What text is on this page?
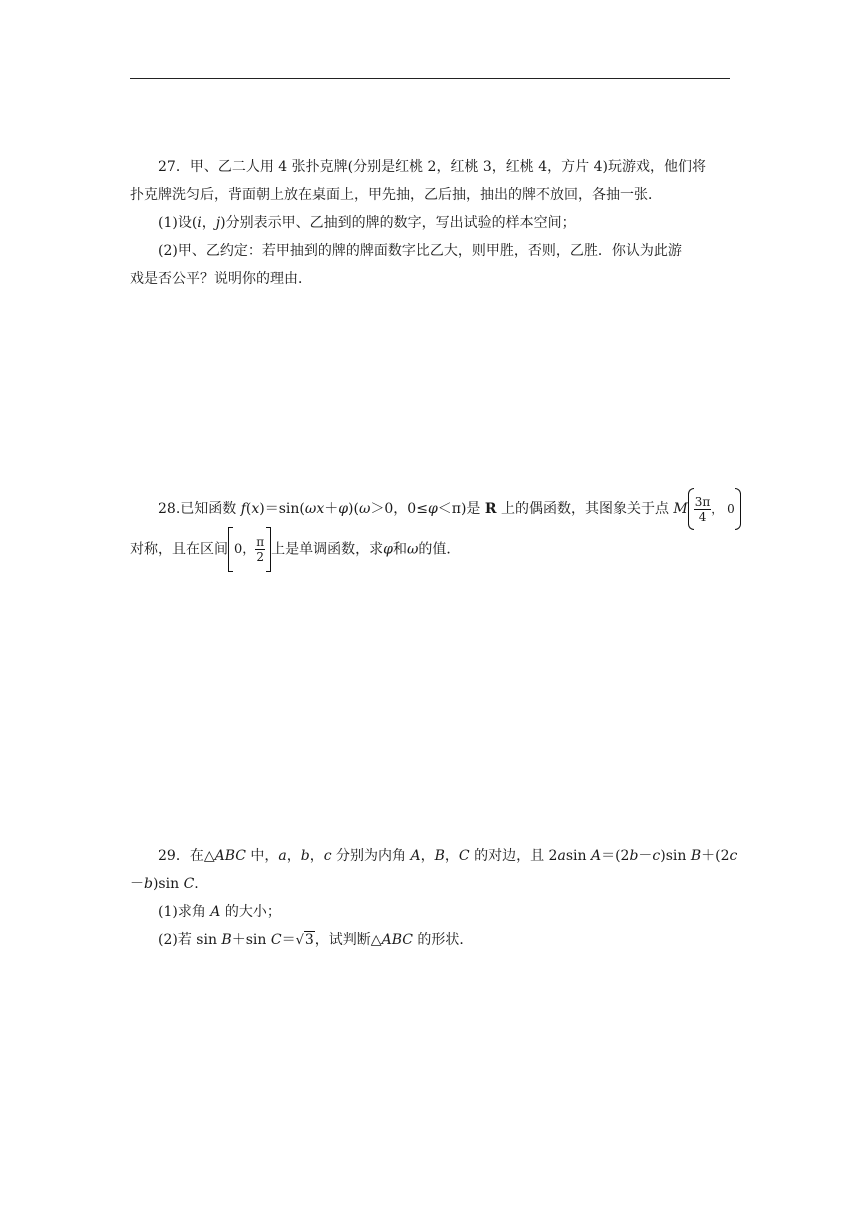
27．甲、乙二人用 4 张扑克牌(分别是红桃 2，红桃 3，红桃 4，方片 4)玩游戏，他们将
扑克牌洗匀后，背面朝上放在桌面上，甲先抽，乙后抽，抽出的牌不放回，各抽一张．
(1)设(i，j)分别表示甲、乙抽到的牌的数字，写出试验的样本空间；
(2)甲、乙约定：若甲抽到的牌的牌面数字比乙大，则甲胜，否则，乙胜．你认为此游
戏是否公平？说明你的理由．
28.已知函数 f(x)＝sin(ωx＋φ)(ω＞0，0≤φ＜π)是 R 上的偶函数，其图象关于点 M $\frac{3\pi}{4}$ ， 0
对称，且在区间 0， $\frac{\pi}{2}$ 上是单调函数，求φ和ω的值．
29．在△ABC 中，a，b，c 分别为内角 A，B，C 的对边，且 2asin A＝(2b－c)sin B＋(2c
－b)sin C.
(1)求角 A 的大小；
(2)若 sin B＋sin C＝√3，试判断△ABC 的形状．
